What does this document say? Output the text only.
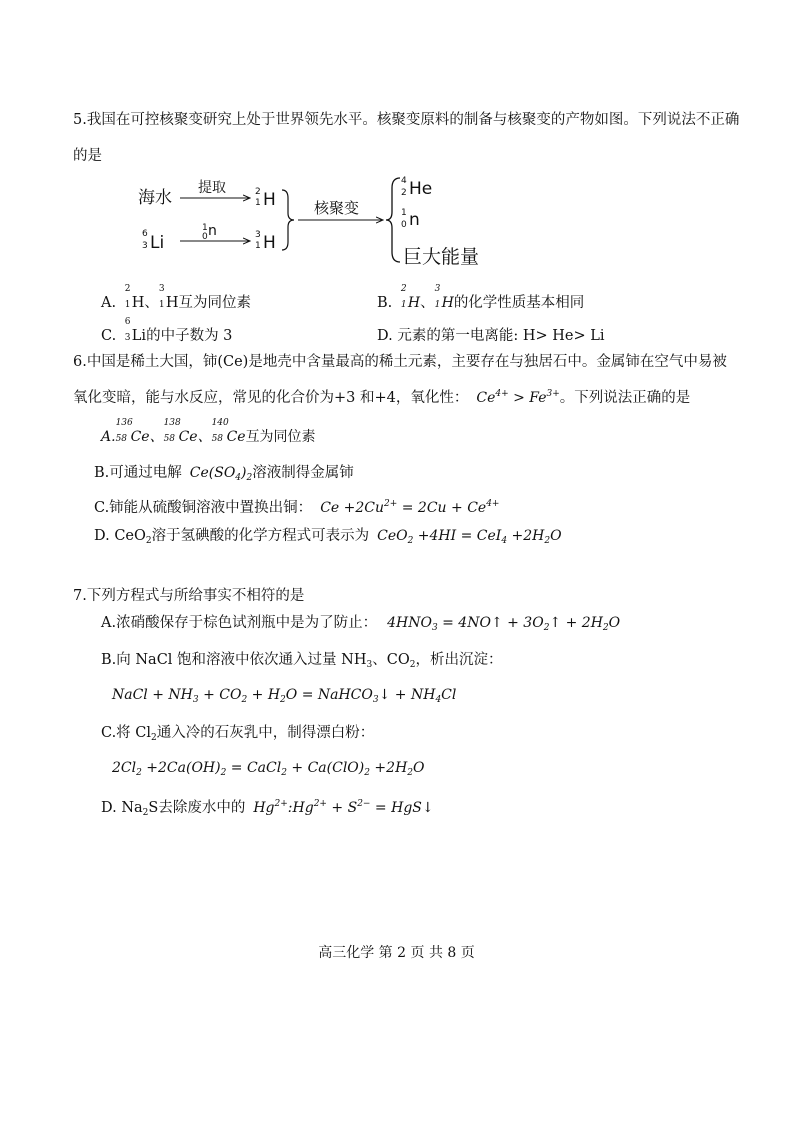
5.我国在可控核聚变研究上处于世界领先水平。核聚变原料的制备与核聚变的产物如图。下列说法不正确
的是
海水 提取
6
3 Li
1
0 n
2
1 H
3
1 H
核聚变
4
2 He
1
0 n
巨大能量
A.
2
1 H、
3
1 H互为同位素	B.
2
1 H、
3
1 H的化学性质基本相同
C.
6
3 Li的中子数为 3	D. 元素的第一电离能: H> He> Li
6.中国是稀土大国，铈(Ce)是地壳中含量最高的稀土元素，主要存在与独居石中。金属铈在空气中易被
氧化变暗，能与水反应，常见的化合价为+3 和+4，氧化性： $Ce^{4+} > Fe^{3+}$。下列说法正确的是
A.
136
58 Ce、
138
58 Ce、
140
58 Ce互为同位素
B.可通过电解 $Ce(SO_4)_2$溶液制得金属铈
C.铈能从硫酸铜溶液中置换出铜： $Ce +2Cu^{2+} = 2Cu + Ce^{4+}$
D. CeO$_2$溶于氢碘酸的化学方程式可表示为 $CeO_2 +4HI = CeI_4 +2H_2O$
7.下列方程式与所给事实不相符的是
A.浓硝酸保存于棕色试剂瓶中是为了防止： $4HNO_3$ = 4NO↑ + $3O_2↑ + 2H_2O$
B.向 NaCl 饱和溶液中依次通入过量 $NH_3$、$CO_2$，析出沉淀：
NaCl + $NH_3 + CO_2 + H_2O$ = NaHCO$_3$↓ + $NH_4Cl$
C.将 $Cl_2$通入冷的石灰乳中，制得漂白粉：
$2Cl_2 +2Ca(OH)_2$ = CaCl$_2$ + $Ca(ClO)_2 +2H_2O$
D. $Na_2S$去除废水中的 $Hg^{2+}:Hg^{2+} + S^{2-}$ = HgS↓
高三化学 第 2 页 共 8 页
